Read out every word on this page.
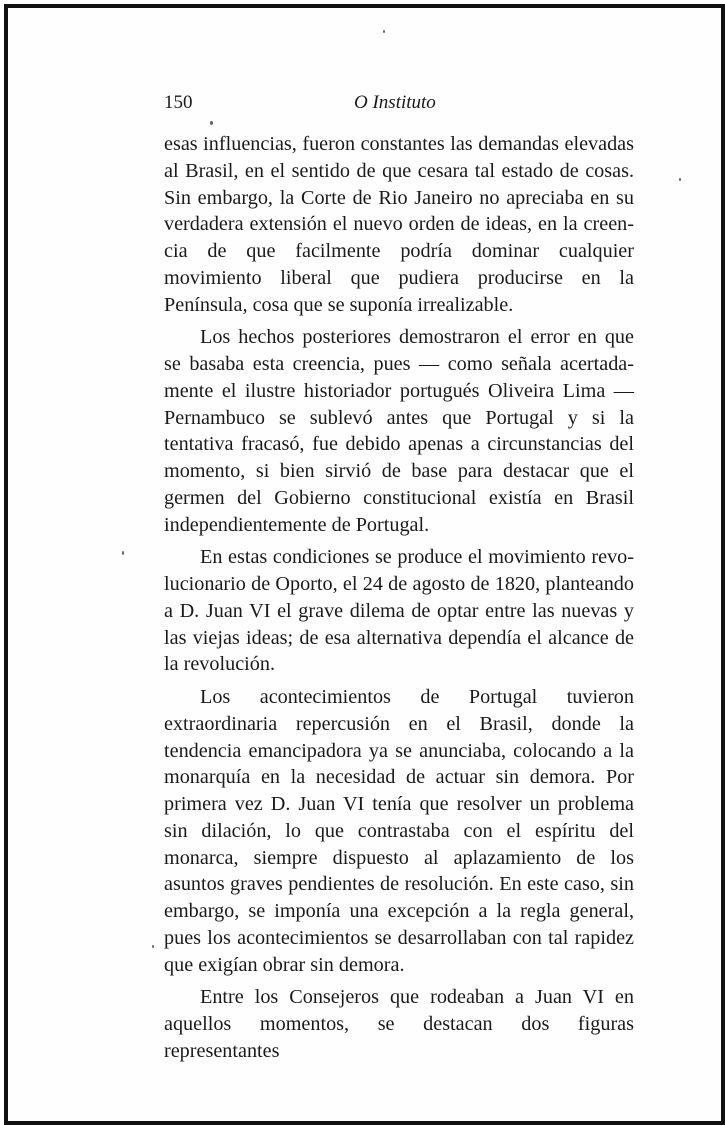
150	O Instituto

esas influencias, fueron constantes las demandas elevadas al Brasil, en el sentido de que cesara tal estado de cosas. Sin embargo, la Corte de Rio Janeiro no apreciaba en su verdadera extensión el nuevo orden de ideas, en la creencia de que facilmente podría dominar cualquier movimiento liberal que pudiera producirse en la Península, cosa que se suponía irrealizable.

Los hechos posteriores demostraron el error en que se basaba esta creencia, pues — como señala acertadamente el ilustre historiador portugués Oliveira Lima — Pernambuco se sublevó antes que Portugal y si la tentativa fracasó, fue debido apenas a circunstancias del momento, si bien sirvió de base para destacar que el germen del Gobierno constitucional existía en Brasil independientemente de Portugal.

En estas condiciones se produce el movimiento revolucionario de Oporto, el 24 de agosto de 1820, planteando a D. Juan VI el grave dilema de optar entre las nuevas y las viejas ideas; de esa alternativa dependía el alcance de la revolución.

Los acontecimientos de Portugal tuvieron extraordinaria repercusión en el Brasil, donde la tendencia emancipadora ya se anunciaba, colocando a la monarquía en la necesidad de actuar sin demora. Por primera vez D. Juan VI tenía que resolver un problema sin dilación, lo que contrastaba con el espíritu del monarca, siempre dispuesto al aplazamiento de los asuntos graves pendientes de resolución. En este caso, sin embargo, se imponía una excepción a la regla general, pues los acontecimientos se desarrollaban con tal rapidez que exigían obrar sin demora.

Entre los Consejeros que rodeaban a Juan VI en aquellos momentos, se destacan dos figuras representantes
